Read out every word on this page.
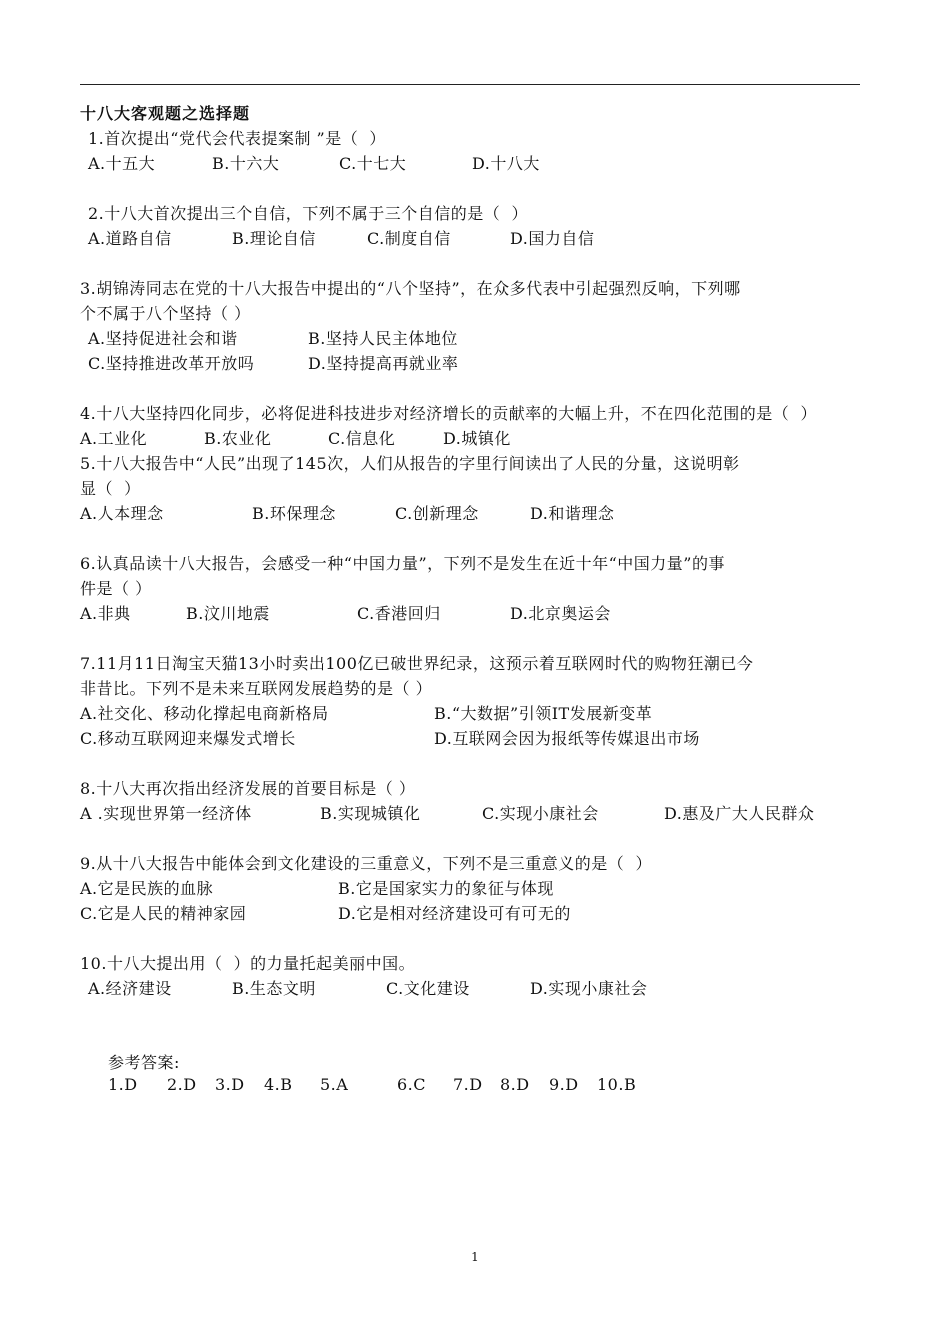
十八大客观题之选择题
1.首次提出“党代会代表提案制 ”是（  ）
A.十五大	B.十六大	C.十七大	D.十八大
2.十八大首次提出三个自信，下列不属于三个自信的是（  ）
A.道路自信	B.理论自信	C.制度自信	D.国力自信
3.胡锦涛同志在党的十八大报告中提出的“八个坚持”，在众多代表中引起强烈反响，下列哪
个不属于八个坚持（ ）
A.坚持促进社会和谐	B.坚持人民主体地位
C.坚持推进改革开放吗	D.坚持提高再就业率
4.十八大坚持四化同步，必将促进科技进步对经济增长的贡献率的大幅上升，不在四化范围的是（  ）
A.工业化	B.农业化	C.信息化	D.城镇化
5.十八大报告中“人民”出现了145次，人们从报告的字里行间读出了人民的分量，这说明彰
显（  ）
A.人本理念	B.环保理念	C.创新理念	D.和谐理念
6.认真品读十八大报告，会感受一种“中国力量”，下列不是发生在近十年“中国力量”的事
件是（ ）
A.非典	B.汶川地震	C.香港回归	D.北京奥运会
7.11月11日淘宝天猫13小时卖出100亿已破世界纪录，这预示着互联网时代的购物狂潮已今
非昔比。下列不是未来互联网发展趋势的是（ ）
A.社交化、移动化撑起电商新格局	B.“大数据”引领IT发展新变革
C.移动互联网迎来爆发式增长	D.互联网会因为报纸等传媒退出市场
8.十八大再次指出经济发展的首要目标是（ ）
A .实现世界第一经济体	B.实现城镇化	C.实现小康社会	D.惠及广大人民群众
9.从十八大报告中能体会到文化建设的三重意义，下列不是三重意义的是（  ）
A.它是民族的血脉	B.它是国家实力的象征与体现
C.它是人民的精神家园	D.它是相对经济建设可有可无的
10.十八大提出用（  ）的力量托起美丽中国。
A.经济建设	B.生态文明	C.文化建设	D.实现小康社会
参考答案:
1.D 2.D 3.D 4.B 5.A	6.C 7.D 8.D 9.D 10.B
1
